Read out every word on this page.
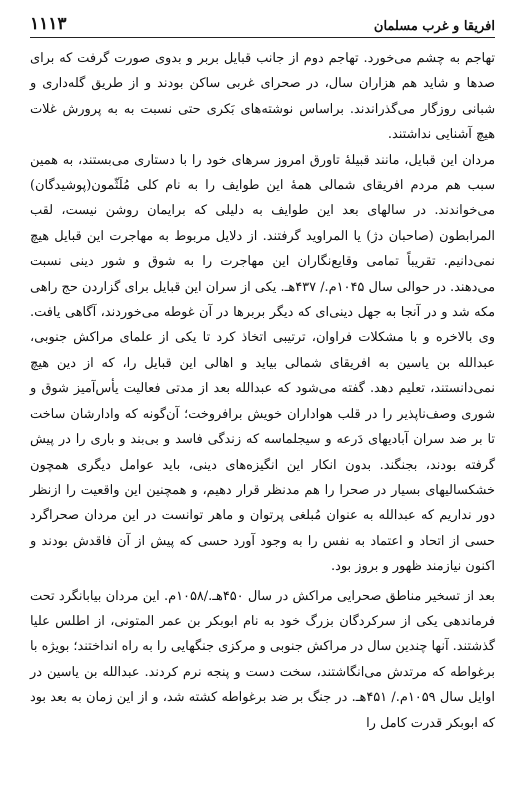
۱۱۱۳	افریقا و غرب مسلمان

تهاجم به چشم می‌خورد. تهاجم دوم از جانب قبایل بربر و بدوی صورت گرفت که برای صدها و شاید هم هزاران سال، در صحرای غربی ساکن بودند و از طریق گله‌داری و شبانی روزگار می‌گذراندند. براساس نوشته‌های بَکری حتی نسبت به به پرورش غلات هیچ آشنایی نداشتند.

مردان این قبایل، مانند قبیلهٔ تاورق امروز سرهای خود را با دستاری می‌بستند، به همین سبب هم مردم افریقای شمالی همهٔ این طوایف را به نام کلی مُلَثّمون(پوشیدگان) می‌خواندند. در سالهای بعد این طوایف به دلیلی که برایمان روشن نیست، لقب المرابطون (صاحبان دژ) یا المراوید گرفتند. از دلایل مربوط به مهاجرت این قبایل هیچ نمی‌دانیم. تقریباً تمامی وقایع‌نگاران این مهاجرت را به شوق و شور دینی نسبت می‌دهند. در حوالی سال ۱۰۴۵م./ ۴۳۷هـ. یکی از سران این قبایل برای گزاردن حج راهی مکه شد و در آنجا به جهل دینی‌ای که دیگر بربرها در آن غوطه می‌خوردند، آگاهی یافت. وی بالاخره و با مشکلات فراوان، ترتیبی اتخاذ کرد تا یکی از علمای مراکش جنوبی، عبدالله بن یاسین به افریقای شمالی بیاید و اهالی این قبایل را، که از دین هیچ نمی‌دانستند، تعلیم دهد. گفته می‌شود که عبدالله بعد از مدتی فعالیت یأس‌آمیز شوق و شوری وصف‌ناپذیر را در قلب هواداران خویش برافروخت؛ آن‌گونه که وادارشان ساخت تا بر ضد سران آبادیهای دَرعه و سیجلماسه که زندگی فاسد و بی‌بند و باری را در پیش گرفته بودند، بجنگند. بدون انکار این انگیزه‌های دینی، باید عوامل دیگری همچون خشکسالیهای بسیار در صحرا را هم مدنظر قرار دهیم، و همچنین این واقعیت را ازنظر دور نداریم که عبدالله به عنوان مُبلغی پرتوان و ماهر توانست در این مردان صحراگرد حسی از اتحاد و اعتماد به نفس را به وجود آورد حسی که پیش از آن فاقدش بودند و اکنون نیازمند ظهور و بروز بود.

بعد از تسخیر مناطق صحرایی مراکش در سال ۴۵۰هـ./۱۰۵۸م. این مردان بیابانگرد تحت فرماندهی یکی از سرکردگان بزرگ خود به نام ابوبکر بن عمر المتونی، از اطلس علیا گذشتند. آنها چندین سال در مراکش جنوبی و مرکزی جنگهایی را به راه انداختند؛ بویژه با برغواطه که مرتدش می‌انگاشتند، سخت دست و پنجه نرم کردند. عبدالله بن یاسین در اوایل سال ۱۰۵۹م./ ۴۵۱هـ. در جنگ بر ضد برغواطه کشته شد، و از این زمان به بعد بود که ابوبکر قدرت کامل را
